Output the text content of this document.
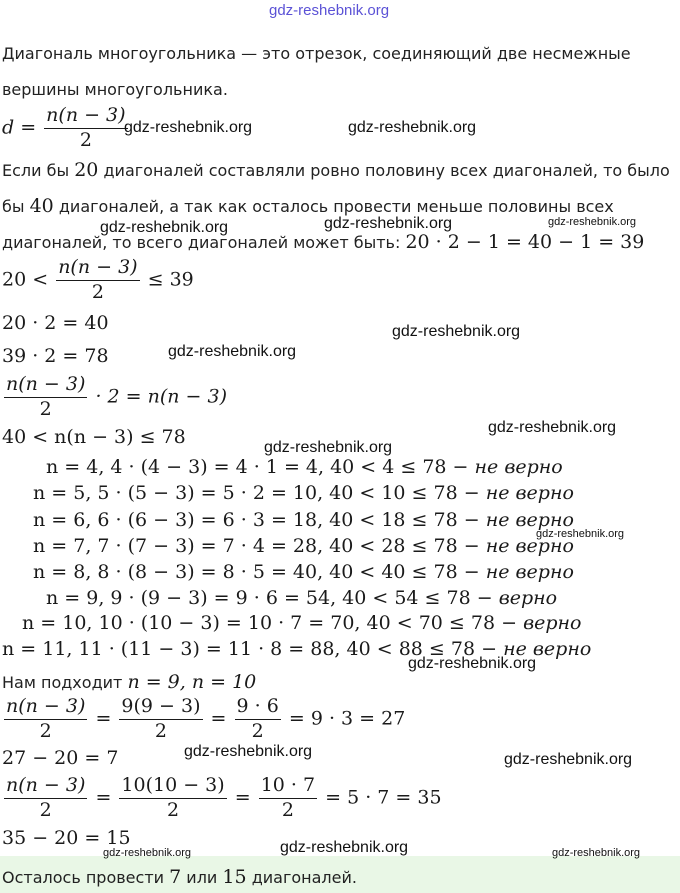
gdz-reshebnik.org
Диагональ многоугольника — это отрезок, соединяющий две несмежные
вершины многоугольника.
$d = \frac{n(n - 3)}{2}$
Если бы 20 диагоналей составляли ровно половину всех диагоналей, то было
бы 40 диагоналей, а так как осталось провести меньше половины всех
диагоналей, то всего диагоналей может быть: 20 · 2 − 1 = 40 − 1 = 39
$20 < \frac{n(n - 3)}{2} \le 39$
20 · 2 = 40
39 · 2 = 78
$\frac{n(n - 3)}{2} \cdot 2 = n(n - 3)$
40 < n(n − 3) ≤ 78
n = 4, 4 · (4 − 3) = 4 · 1 = 4, 40 < 4 ≤ 78 − не верно
n = 5, 5 · (5 − 3) = 5 · 2 = 10, 40 < 10 ≤ 78 − не верно
n = 6, 6 · (6 − 3) = 6 · 3 = 18, 40 < 18 ≤ 78 − не верно
n = 7, 7 · (7 − 3) = 7 · 4 = 28, 40 < 28 ≤ 78 − не верно
n = 8, 8 · (8 − 3) = 8 · 5 = 40, 40 < 40 ≤ 78 − не верно
n = 9, 9 · (9 − 3) = 9 · 6 = 54, 40 < 54 ≤ 78 − верно
n = 10, 10 · (10 − 3) = 10 · 7 = 70, 40 < 70 ≤ 78 − верно
n = 11, 11 · (11 − 3) = 11 · 8 = 88, 40 < 88 ≤ 78 − не верно
Нам подходит n = 9, n = 10
$\frac{n(n - 3)}{2} = \frac{9(9 - 3)}{2} = \frac{9 \cdot 6}{2} = 9 \cdot 3 = 27$
27 − 20 = 7
$\frac{n(n - 3)}{2} = \frac{10(10 - 3)}{2} = \frac{10 \cdot 7}{2} = 5 \cdot 7 = 35$
35 − 20 = 15
Осталось провести 7 или 15 диагоналей.
gdz-reshebnik.org	gdz-reshebnik.org
gdz-reshebnik.org	gdz-reshebnik.org	gdz-reshebnik.org
gdz-reshebnik.org
gdz-reshebnik.org
gdz-reshebnik.org
gdz-reshebnik.org
gdz-reshebnik.org
gdz-reshebnik.org
gdz-reshebnik.org	gdz-reshebnik.org
gdz-reshebnik.org
gdz-reshebnik.org	gdz-reshebnik.org
